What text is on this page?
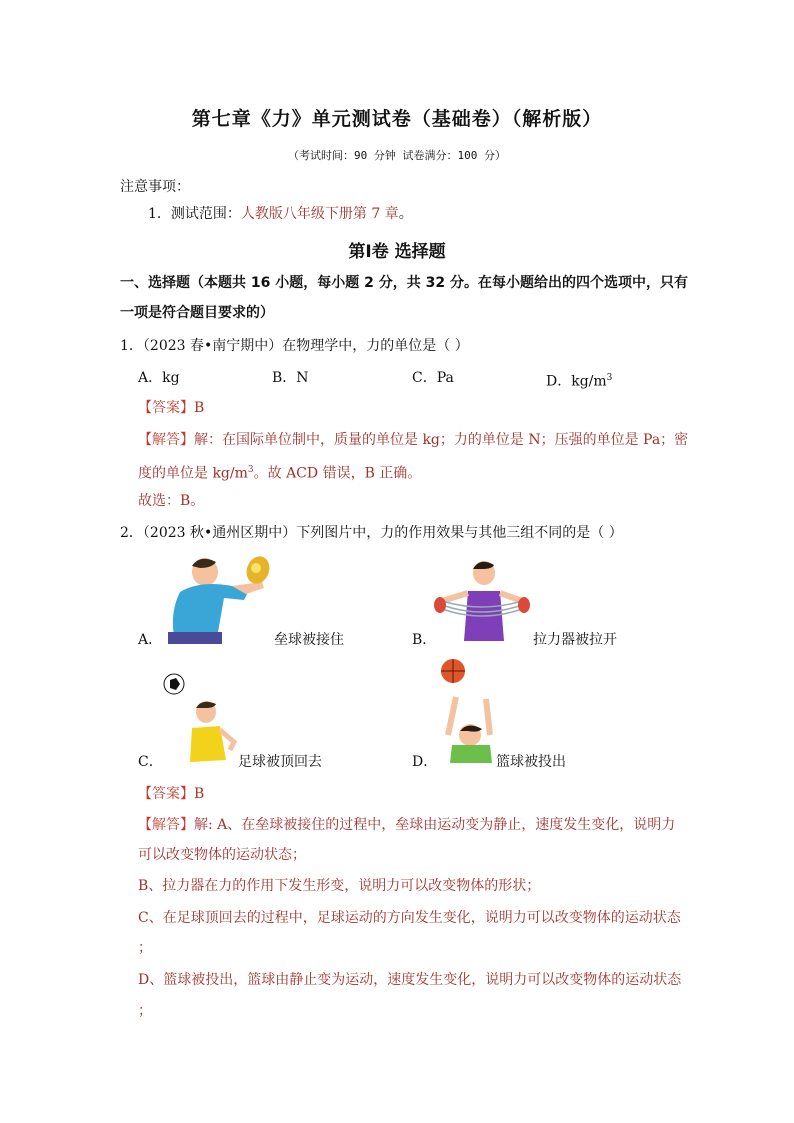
第七章《力》单元测试卷（基础卷）（解析版）
（考试时间：90 分钟 试卷满分：100 分）
注意事项：
1．测试范围：人教版八年级下册第 7 章。
第Ⅰ卷 选择题
一、选择题（本题共 16 小题，每小题 2 分，共 32 分。在每小题给出的四个选项中，只有
一项是符合题目要求的）
1．（2023 春•南宁期中）在物理学中，力的单位是（ ）
A．kg	B．N	C．Pa	D．$kg/m^3$
【答案】B
【解答】解：在国际单位制中，质量的单位是 kg；力的单位是 N；压强的单位是 Pa；密
度的单位是 $kg/m^3$。故 ACD 错误，B 正确。
故选：B。
2．（2023 秋•通州区期中）下列图片中，力的作用效果与其他三组不同的是（ ）
A．	垒球被接住	B．	拉力器被拉开
C．	足球被顶回去	D．	篮球被投出
【答案】B
【解答】解: A、在垒球被接住的过程中，垒球由运动变为静止，速度发生变化，说明力
可以改变物体的运动状态；
B、拉力器在力的作用下发生形变，说明力可以改变物体的形状；
C、在足球顶回去的过程中，足球运动的方向发生变化，说明力可以改变物体的运动状态
；
D、篮球被投出，篮球由静止变为运动，速度发生变化，说明力可以改变物体的运动状态
；
